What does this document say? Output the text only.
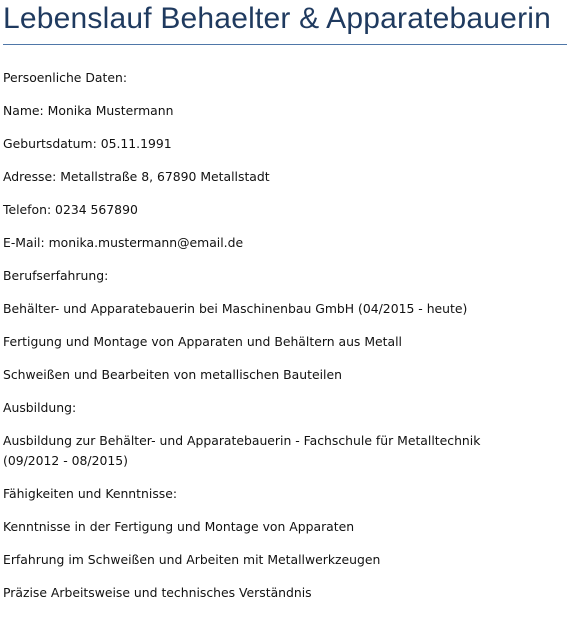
Lebenslauf Behaelter & Apparatebauerin

Persoenliche Daten:

Name: Monika Mustermann

Geburtsdatum: 05.11.1991

Adresse: Metallstraße 8, 67890 Metallstadt

Telefon: 0234 567890

E-Mail: monika.mustermann@email.de

Berufserfahrung:

Behälter- und Apparatebauerin bei Maschinenbau GmbH (04/2015 - heute)

Fertigung und Montage von Apparaten und Behältern aus Metall

Schweißen und Bearbeiten von metallischen Bauteilen

Ausbildung:

Ausbildung zur Behälter- und Apparatebauerin - Fachschule für Metalltechnik (09/2012 - 08/2015)

Fähigkeiten und Kenntnisse:

Kenntnisse in der Fertigung und Montage von Apparaten

Erfahrung im Schweißen und Arbeiten mit Metallwerkzeugen

Präzise Arbeitsweise und technisches Verständnis
